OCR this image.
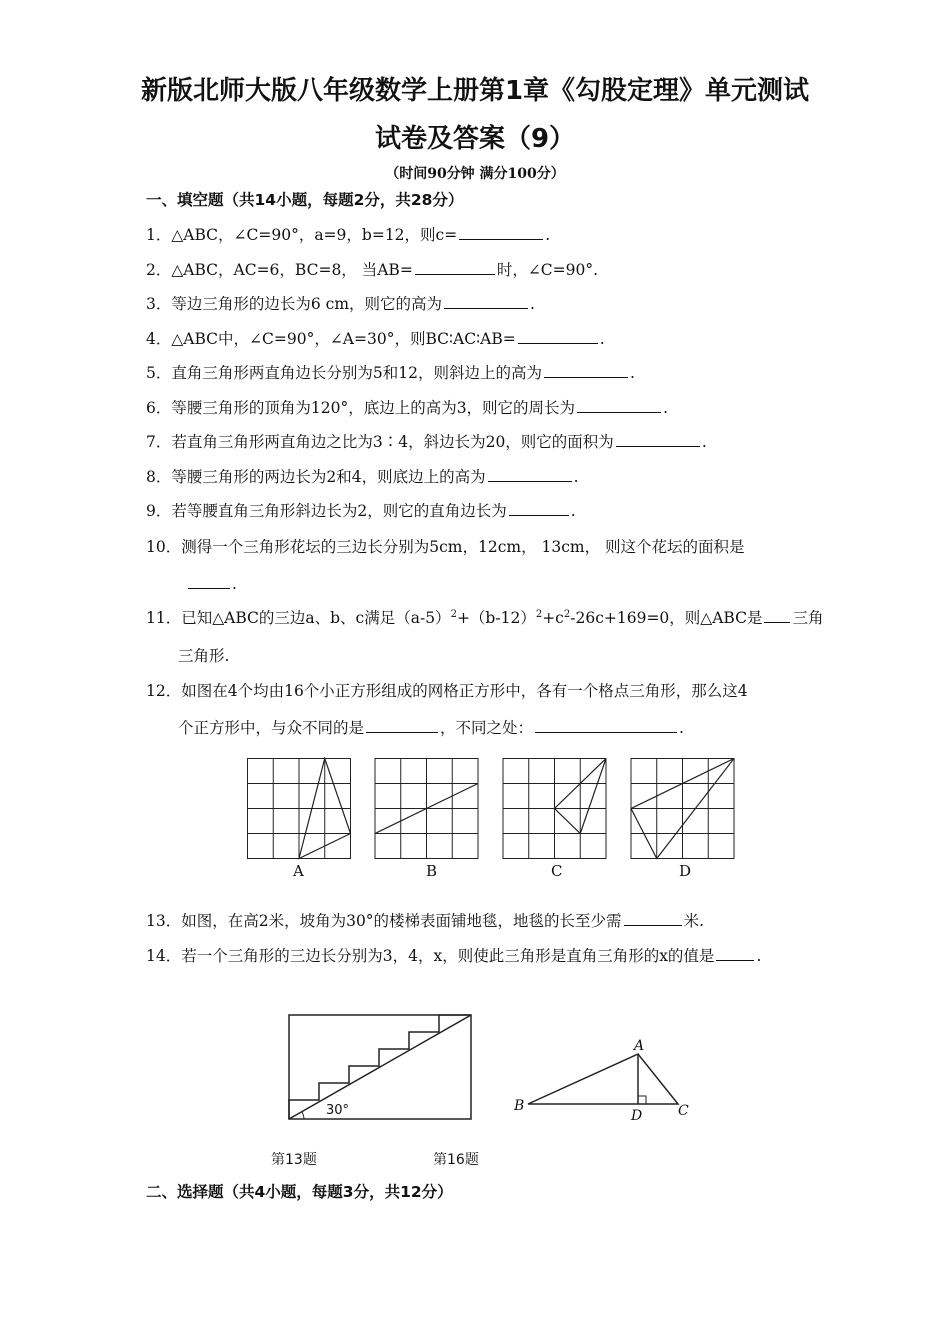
新版北师大版八年级数学上册第1章《勾股定理》单元测试
试卷及答案（9）
（时间90分钟 满分100分）
一、填空题（共14小题，每题2分，共28分）
1．△ABC，∠C=90°，a=9，b=12，则c=	.
2．△ABC，AC=6，BC=8， 当AB=	时，∠C=90°.
3．等边三角形的边长为6 cm，则它的高为	.
4．△ABC中，∠C=90°，∠A=30°，则BC∶AC∶AB=	.
5．直角三角形两直角边长分别为5和12，则斜边上的高为	.
6．等腰三角形的顶角为120°，底边上的高为3，则它的周长为	.
7．若直角三角形两直角边之比为3∶4，斜边长为20，则它的面积为	.
8．等腰三角形的两边长为2和4，则底边上的高为	.
9．若等腰直角三角形斜边长为2，则它的直角边长为	.
10．测得一个三角形花坛的三边长分别为5cm，12cm， 13cm， 则这个花坛的面积是
.
11．已知△ABC的三边a、b、c满足$(a-5)^2+(b-12)^2+c^2-26c+169=0$，则△ABC是 三角
三角形.
12．如图在4个均由16个小正方形组成的网格正方形中，各有一个格点三角形，那么这4
个正方形中，与众不同的是	，不同之处：	.
A	B	C	D
13．如图，在高2米，坡角为30°的楼梯表面铺地毯，地毯的长至少需	米.
14．若一个三角形的三边长分别为3，4，x，则使此三角形是直角三角形的x的值是	.
30°
A
B
D	C
第13题	第16题
二、选择题（共4小题，每题3分，共12分）
